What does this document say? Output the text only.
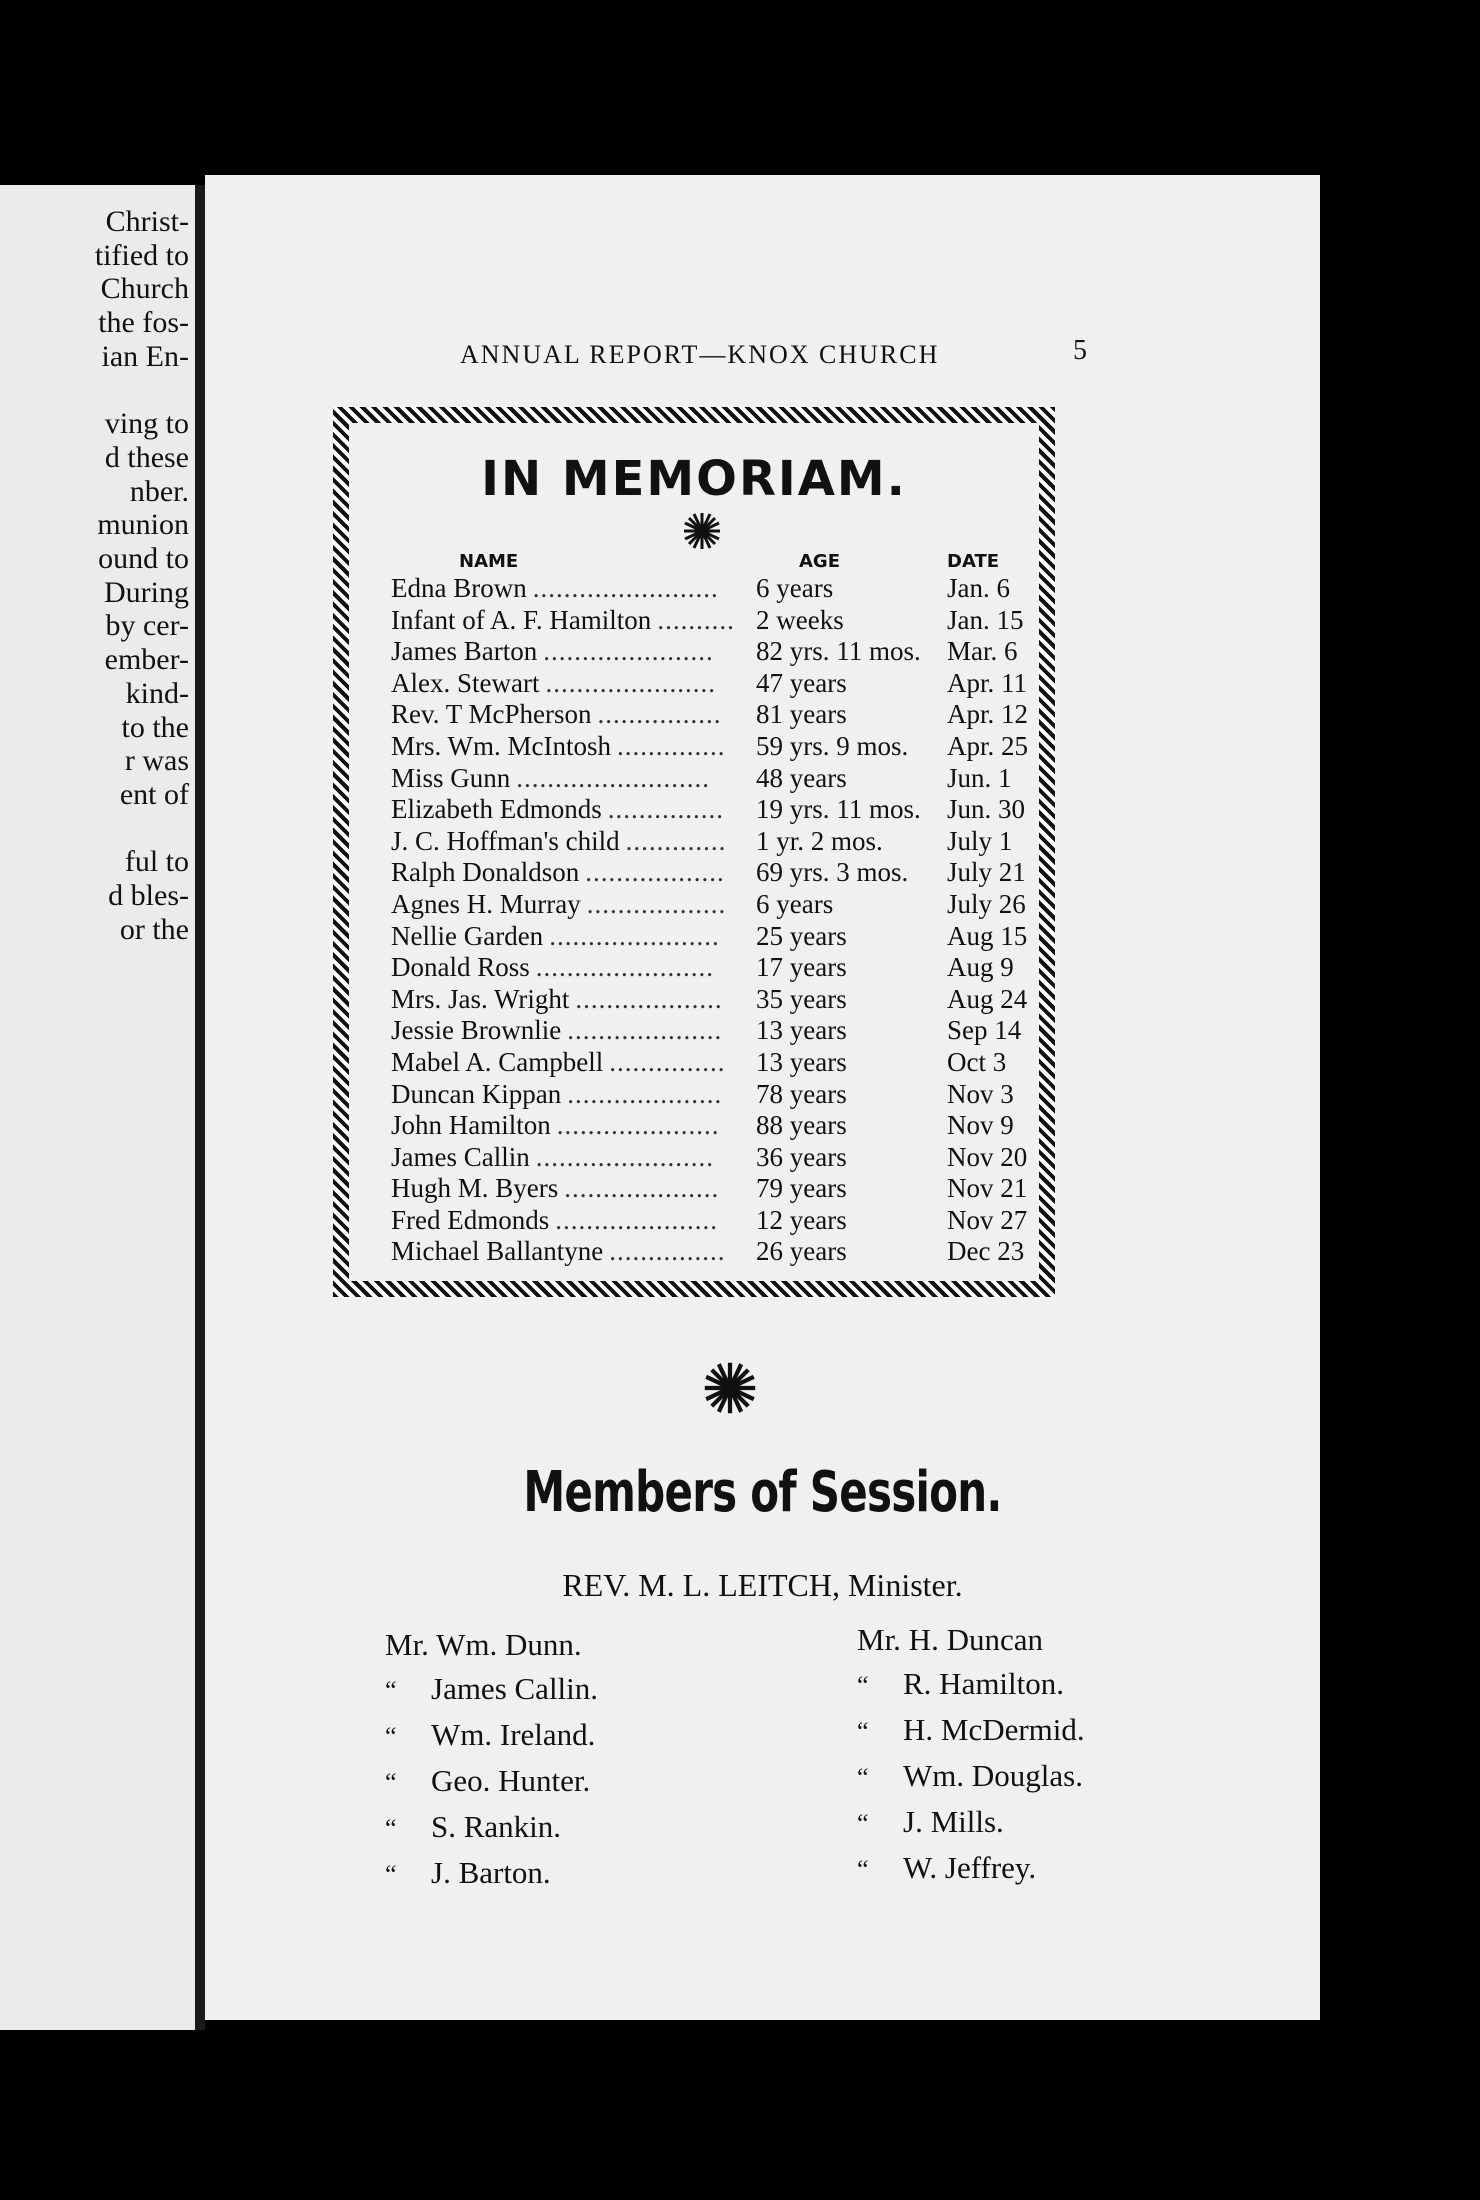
Christ-
tified to
Church
the fos-
ian En-
ving to
d these
nber.
munion
ound to
During
by cer-
ember-
kind-
to the
r was
ent of
ful to
d bles-
or the
ANNUAL REPORT—KNOX CHURCH	5
IN MEMORIAM.
NAME	AGE	DATE
Edna Brown ........................ 6 years	Jan. 6
Infant of A. F. Hamilton .......... 2 weeks	Jan. 15
James Barton ...................... 82 yrs. 11 mos. Mar. 6
Alex. Stewart ...................... 47 years	Apr. 11
Rev. T McPherson ................ 81 years	Apr. 12
Mrs. Wm. McIntosh .............. 59 yrs. 9 mos. Apr. 25
Miss Gunn ......................... 48 years	Jun. 1
Elizabeth Edmonds ............... 19 yrs. 11 mos. Jun. 30
J. C. Hoffman's child ............. 1 yr. 2 mos. July 1
Ralph Donaldson .................. 69 yrs. 3 mos. July 21
Agnes H. Murray .................. 6 years	July 26
Nellie Garden ...................... 25 years	Aug 15
Donald Ross ....................... 17 years	Aug 9
Mrs. Jas. Wright ................... 35 years	Aug 24
Jessie Brownlie .................... 13 years	Sep 14
Mabel A. Campbell ............... 13 years	Oct 3
Duncan Kippan .................... 78 years	Nov 3
John Hamilton ..................... 88 years	Nov 9
James Callin ....................... 36 years	Nov 20
Hugh M. Byers .................... 79 years	Nov 21
Fred Edmonds ..................... 12 years	Nov 27
Michael Ballantyne ............... 26 years	Dec 23
Members of Session.
REV. M. L. LEITCH, Minister.
Mr. Wm. Dunn.
“ James Callin.
“ Wm. Ireland.
“ Geo. Hunter.
“ S. Rankin.
“ J. Barton.
Mr. H. Duncan
“ R. Hamilton.
“ H. McDermid.
“ Wm. Douglas.
“ J. Mills.
“ W. Jeffrey.
